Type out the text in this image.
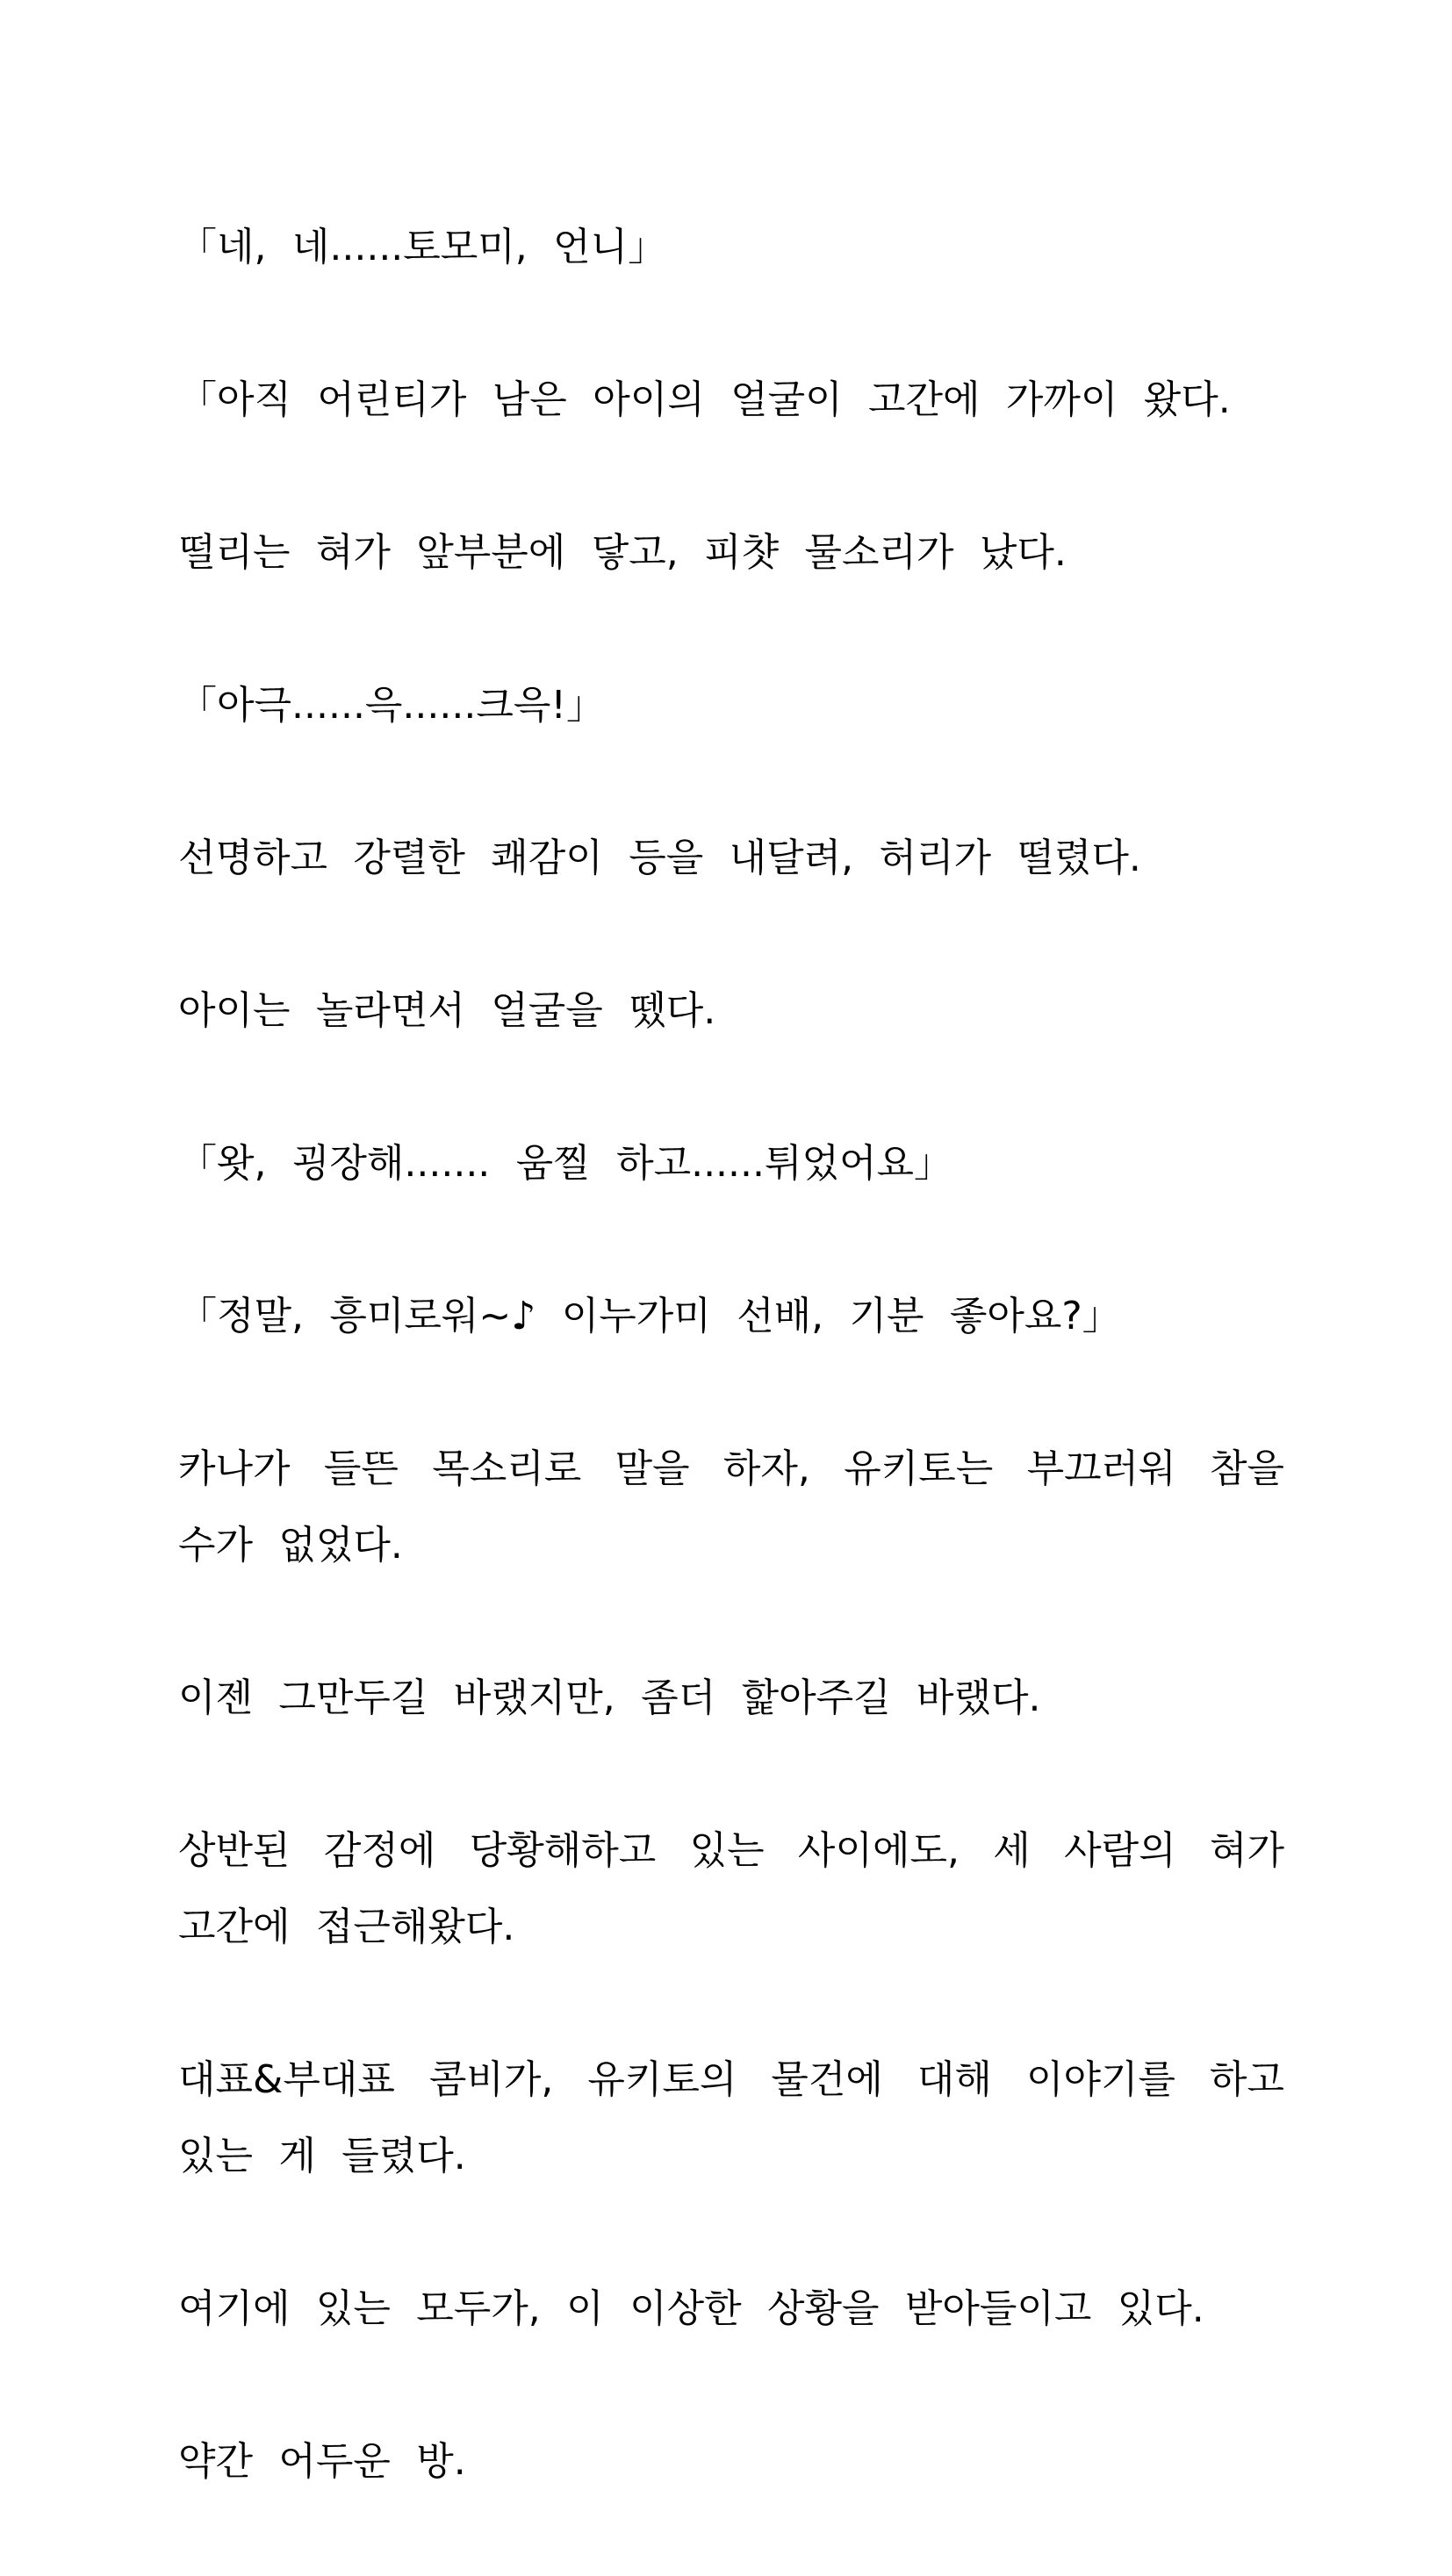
「네, 네......토모미, 언니」

「아직 어린티가 남은 아이의 얼굴이 고간에 가까이 왔다.

떨리는 혀가 앞부분에 닿고, 피챳 물소리가 났다.

「아극......윽......크윽!」

선명하고 강렬한 쾌감이 등을 내달려, 허리가 떨렸다.

아이는 놀라면서 얼굴을 뗐다.

「왓, 굉장해....... 움찔 하고......튀었어요」

「정말, 흥미로워~♪ 이누가미 선배, 기분 좋아요?」

카나가 들뜬 목소리로 말을 하자, 유키토는 부끄러워 참을 수가 없었다.

이젠 그만두길 바랬지만, 좀더 핥아주길 바랬다.

상반된 감정에 당황해하고 있는 사이에도, 세 사람의 혀가 고간에 접근해왔다.

대표&부대표 콤비가, 유키토의 물건에 대해 이야기를 하고 있는 게 들렸다.

여기에 있는 모두가, 이 이상한 상황을 받아들이고 있다.

약간 어두운 방.
